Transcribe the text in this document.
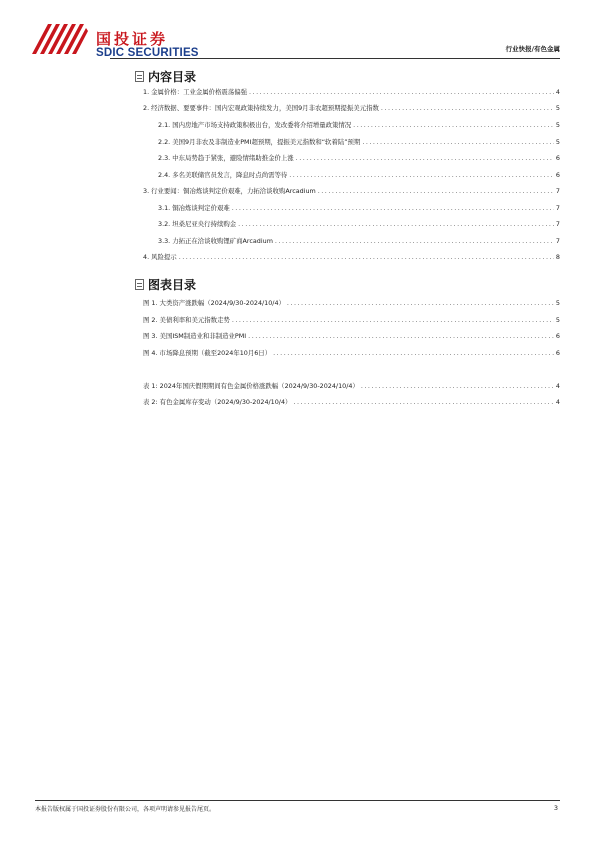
国投证券
SDIC SECURITIES	行业快报/有色金属
内容目录
1. 金属价格：工业金属价格震荡偏强 .....	4
2. 经济数据、要要事件：国内宏观政策持续发力，美国9月非农超预期提振美元指数 .....	5
2.1. 国内房地产市场支持政策积极出台，发改委将介绍增量政策情况 .....	5
2.2. 美国9月非农及非制造业PMI超预期，提振美元指数和“软着陆”预期 .....	5
2.3. 中东局势趋于紧张，避险情绪助推金价上涨 .....	6
2.4. 多名美联储官员发言，降息时点尚需等待 .....	6
3. 行业要闻：铜冶炼谈判定价艰难，力拓洽谈收购Arcadium .....	7
3.1. 铜冶炼谈判定价艰难 .....	7
3.2. 坦桑尼亚央行持续购金 .....	7
3.3. 力拓正在洽谈收购锂矿商Arcadium .....	7
4. 风险提示 .....	8
图表目录
图 1. 大类资产涨跌幅（2024/9/30-2024/10/4） .....	5
图 2. 美债利率和美元指数走势 .....	5
图 3. 美国ISM制造业和非制造业PMI .....	6
图 4. 市场降息预期（截至2024年10月6日） .....	6
表 1: 2024年国庆假期期间有色金属价格涨跌幅（2024/9/30-2024/10/4） .....	4
表 2: 有色金属库存变动（2024/9/30-2024/10/4） .....	4
本报告版权属于国投证券股份有限公司，各项声明请参见报告尾页。	3
